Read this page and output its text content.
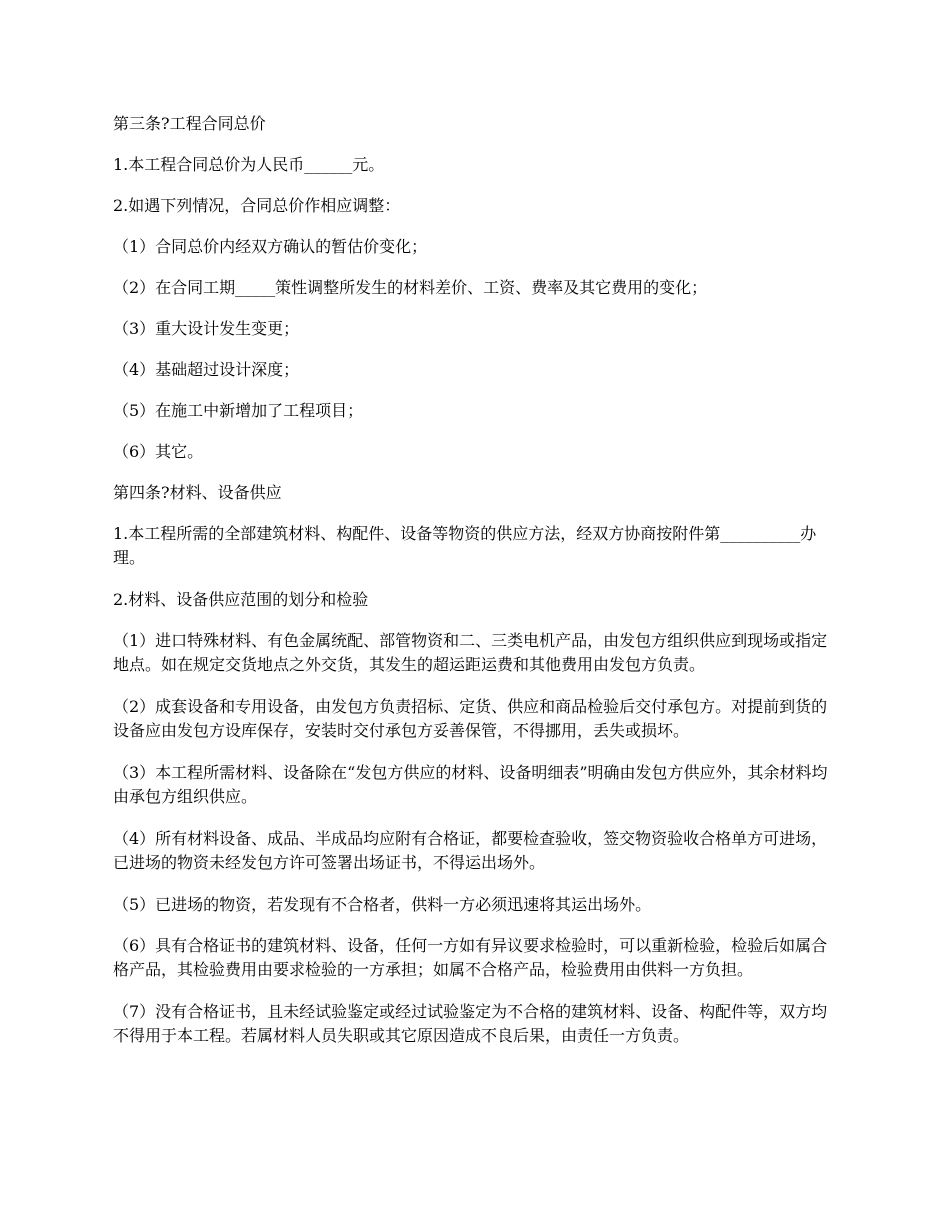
第三条?工程合同总价

1.本工程合同总价为人民币______元。

2.如遇下列情况，合同总价作相应调整：

（1）合同总价内经双方确认的暂估价变化；

（2）在合同工期_____策性调整所发生的材料差价、工资、费率及其它费用的变化；

（3）重大设计发生变更；

（4）基础超过设计深度；

（5）在施工中新增加了工程项目；

（6）其它。

第四条?材料、设备供应

1.本工程所需的全部建筑材料、构配件、设备等物资的供应方法，经双方协商按附件第__________办理。

2.材料、设备供应范围的划分和检验

（1）进口特殊材料、有色金属统配、部管物资和二、三类电机产品，由发包方组织供应到现场或指定地点。如在规定交货地点之外交货，其发生的超运距运费和其他费用由发包方负责。

（2）成套设备和专用设备，由发包方负责招标、定货、供应和商品检验后交付承包方。对提前到货的设备应由发包方设库保存，安装时交付承包方妥善保管，不得挪用，丢失或损坏。

（3）本工程所需材料、设备除在“发包方供应的材料、设备明细表”明确由发包方供应外，其余材料均由承包方组织供应。

（4）所有材料设备、成品、半成品均应附有合格证，都要检查验收，签交物资验收合格单方可进场，已进场的物资未经发包方许可签署出场证书，不得运出场外。

（5）已进场的物资，若发现有不合格者，供料一方必须迅速将其运出场外。

（6）具有合格证书的建筑材料、设备，任何一方如有异议要求检验时，可以重新检验，检验后如属合格产品，其检验费用由要求检验的一方承担；如属不合格产品，检验费用由供料一方负担。

（7）没有合格证书，且未经试验鉴定或经过试验鉴定为不合格的建筑材料、设备、构配件等，双方均不得用于本工程。若属材料人员失职或其它原因造成不良后果，由责任一方负责。
